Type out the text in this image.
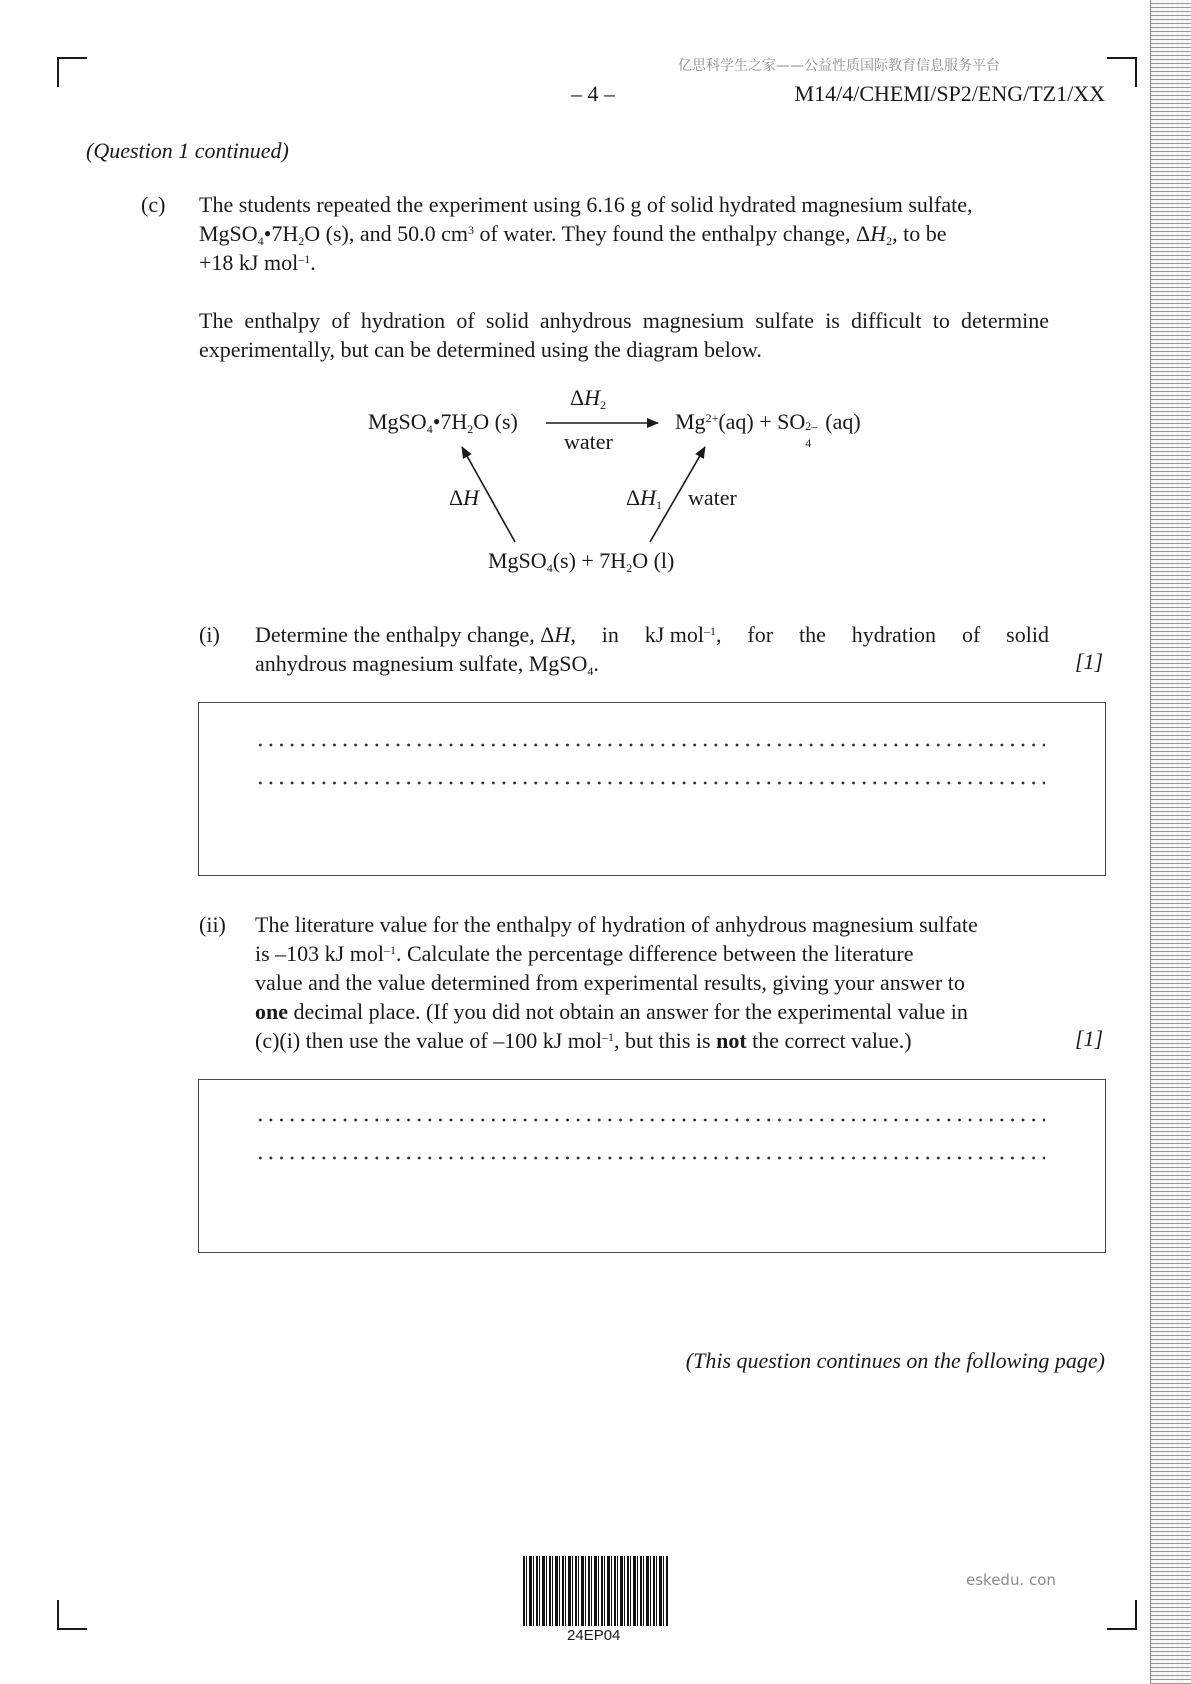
亿思科学生之家——公益性质国际教育信息服务平台
– 4 –	M14/4/CHEMI/SP2/ENG/TZ1/XX
(Question 1 continued)
(c) The students repeated the experiment using 6.16 g of solid hydrated magnesium sulfate,
$MgSO_4•7H_2O$ (s), and 50.0 $cm^3$ of water. They found the enthalpy change, $\Delta H_2$, to be
+18 kJ mol$^{-1}$.
The enthalpy of hydration of solid anhydrous magnesium sulfate is difficult to determine experimentally, but can be determined using the diagram below.
$MgSO_4•7H_2O$ (s)
$\Delta H_2$
water
$Mg^{2+}(aq)$ + SO 2–
4
(aq)
ΔH	$\Delta H_1$ water
MgSO$_4$(s) + $7H_2O$ (l)
(i) Determine the enthalpy change, ΔH, in kJ mol$^{-1}$, for the hydration of solid
anhydrous magnesium sulfate, MgSO$_4$.	[1]
(ii) The literature value for the enthalpy of hydration of anhydrous magnesium sulfate
is –103 kJ mol$^{-1}$. Calculate the percentage difference between the literature
value and the value determined from experimental results, giving your answer to
one decimal place. (If you did not obtain an answer for the experimental value in
(c)(i) then use the value of –100 kJ mol$^{-1}$, but this is not the correct value.)	[1]
(This question continues on the following page)
24EP04
eskedu. con
